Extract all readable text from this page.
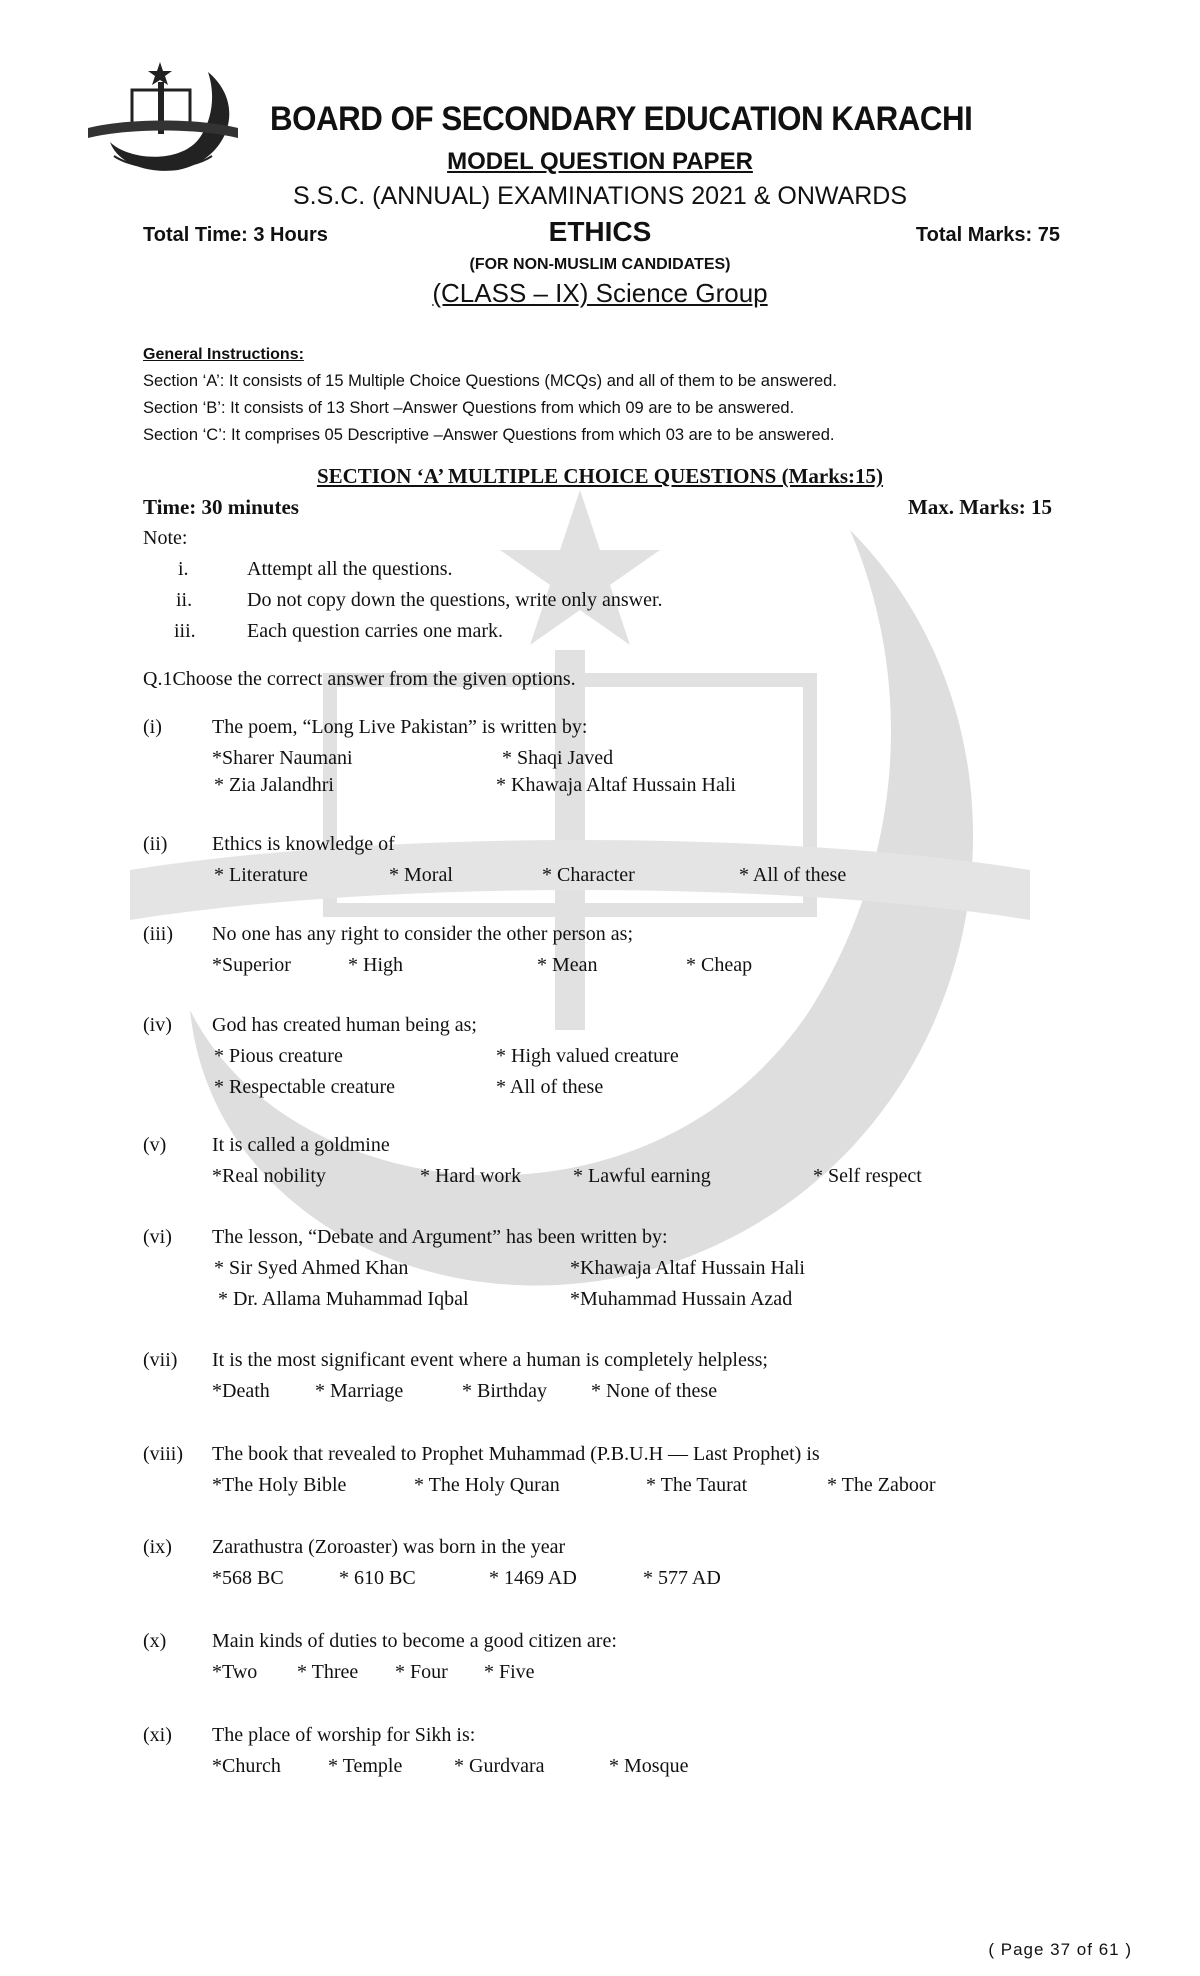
BOARD OF SECONDARY EDUCATION KARACHI
MODEL QUESTION PAPER
S.S.C. (ANNUAL) EXAMINATIONS 2021 & ONWARDS
Total Time: 3 Hours	ETHICS	Total Marks: 75
(FOR NON-MUSLIM CANDIDATES)
(CLASS – IX) Science Group
General Instructions:
Section ‘A’: It consists of 15 Multiple Choice Questions (MCQs) and all of them to be answered.
Section ‘B’: It consists of 13 Short –Answer Questions from which 09 are to be answered.
Section ‘C’: It comprises 05 Descriptive –Answer Questions from which 03 are to be answered.
SECTION ‘A’ MULTIPLE CHOICE QUESTIONS (Marks:15)
Time: 30 minutes	Max. Marks: 15
Note:
i.	Attempt all the questions.
ii.	Do not copy down the questions, write only answer.
iii.	Each question carries one mark.
Q.1Choose the correct answer from the given options.
(i)	The poem, “Long Live Pakistan” is written by:
*Sharer Naumani	* Shaqi Javed
* Zia Jalandhri	* Khawaja Altaf Hussain Hali
(ii) Ethics is knowledge of
* Literature	* Moral	* Character	* All of these
(iii) No one has any right to consider the other person as;
*Superior	* High	* Mean	* Cheap
(iv) God has created human being as;
* Pious creature	* High valued creature
* Respectable creature	* All of these
(v) It is called a goldmine
*Real nobility	* Hard work	* Lawful earning	* Self respect
(vi) The lesson, “Debate and Argument” has been written by:
* Sir Syed Ahmed Khan	*Khawaja Altaf Hussain Hali
* Dr. Allama Muhammad Iqbal	*Muhammad Hussain Azad
(vii) It is the most significant event where a human is completely helpless;
*Death * Marriage	* Birthday * None of these
(viii) The book that revealed to Prophet Muhammad (P.B.U.H — Last Prophet) is
*The Holy Bible	* The Holy Quran	* The Taurat	* The Zaboor
(ix) Zarathustra (Zoroaster) was born in the year
*568 BC	* 610 BC	* 1469 AD	* 577 AD
(x) Main kinds of duties to become a good citizen are:
*Two * Three * Four * Five
(xi) The place of worship for Sikh is:
*Church * Temple	* Gurdvara	* Mosque
( Page 37 of 61 )
